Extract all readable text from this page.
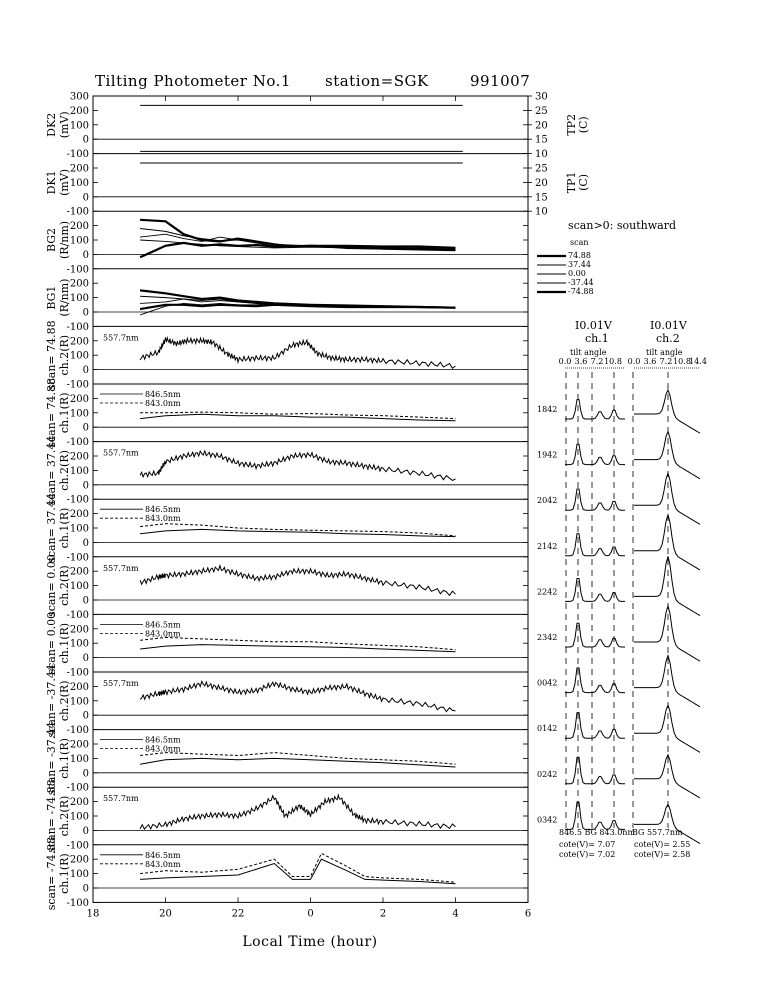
Tilting Photometer No.1 station=SGK	991007
300
200
100
0
-100
DK2 (mV)
30
25
20
15
10
TP2 (C)
200
100
0
-100
DK1 (mV)	25
20
15
10
TP1 (C)
200
100
0
-100
BG2 (R/nm)
200
100
0
-100
BG1 (R/nm)
200
100
0
-100
scan= 74.88 ch.2(R)	557.7nm
200
100
0
-100
scan= 74.88 ch.1(R)	846.5nm
843.0nm
200
100
0
-100
scan= 37.44 ch.2(R)	557.7nm
200
100
0
-100
scan= 37.44 ch.1(R)	846.5nm
843.0nm
200
100
0
-100
scan= 0.00 ch.2(R)	557.7nm
200
100
0
-100
scan= 0.00 ch.1(R)	846.5nm
843.0nm
200
100
0
-100
scan= -37.44 ch.2(R)	557.7nm
200
100
0
-100
scan= -37.44 ch.1(R)	846.5nm
843.0nm
200
100
0
-100
scan= -74.88 ch.2(R)	557.7nm
200
100
0
-100
scan= -74.88 ch.1(R)	846.5nm
843.0nm
Local Time (hour)
18	20	22	0	2	4	6
scan>0: southward
scan
74.88
37.44
0.00
-37.44
-74.88
I0.01V	I0.01V
ch.1	ch.2
tilt angle	tilt angle
846.5 BG 843.0nm
BG 557.7nm
cote(V)= 7.07
cote(V)= 7.02
cote(V)= 2.55
cote(V)= 2.58
0.0 3.6 7.2 10.8 0.0 3.6 7.2 10.8
14.4
1842
1942
2042
2142
2242
2342
0042
0142
0242
0342
